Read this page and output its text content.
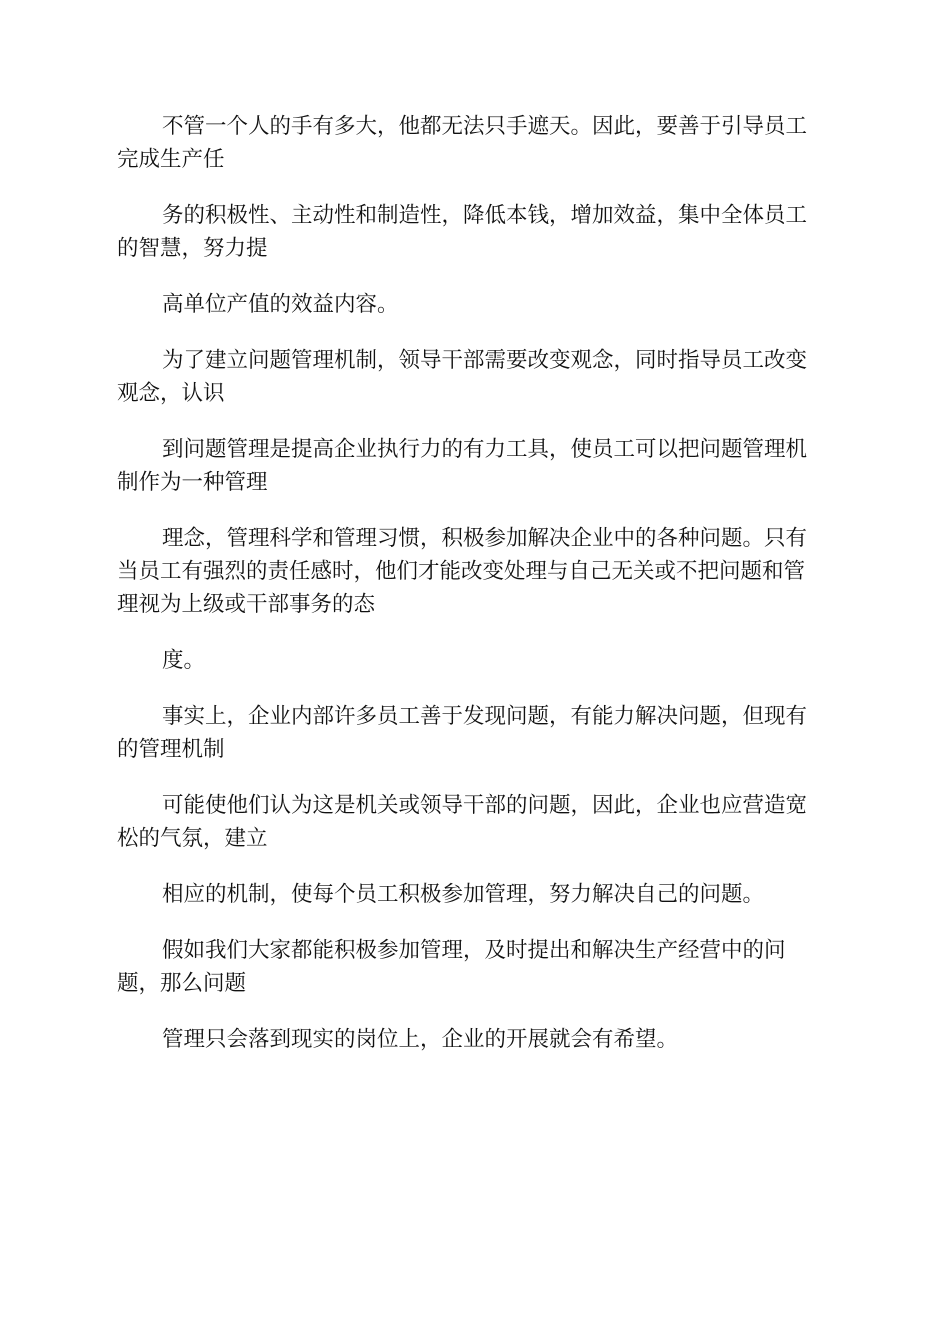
不管一个人的手有多大，他都无法只手遮天。因此，要善于引导员工
完成生产任

务的积极性、主动性和制造性，降低本钱，增加效益，集中全体员工
的智慧，努力提

高单位产值的效益内容。

为了建立问题管理机制，领导干部需要改变观念，同时指导员工改变
观念，认识

到问题管理是提高企业执行力的有力工具，使员工可以把问题管理机
制作为一种管理

理念，管理科学和管理习惯，积极参加解决企业中的各种问题。只有
当员工有强烈的责任感时，他们才能改变处理与自己无关或不把问题和管
理视为上级或干部事务的态

度。

事实上，企业内部许多员工善于发现问题，有能力解决问题，但现有
的管理机制

可能使他们认为这是机关或领导干部的问题，因此，企业也应营造宽
松的气氛，建立

相应的机制，使每个员工积极参加管理，努力解决自己的问题。

假如我们大家都能积极参加管理，及时提出和解决生产经营中的问
题，那么问题

管理只会落到现实的岗位上，企业的开展就会有希望。
